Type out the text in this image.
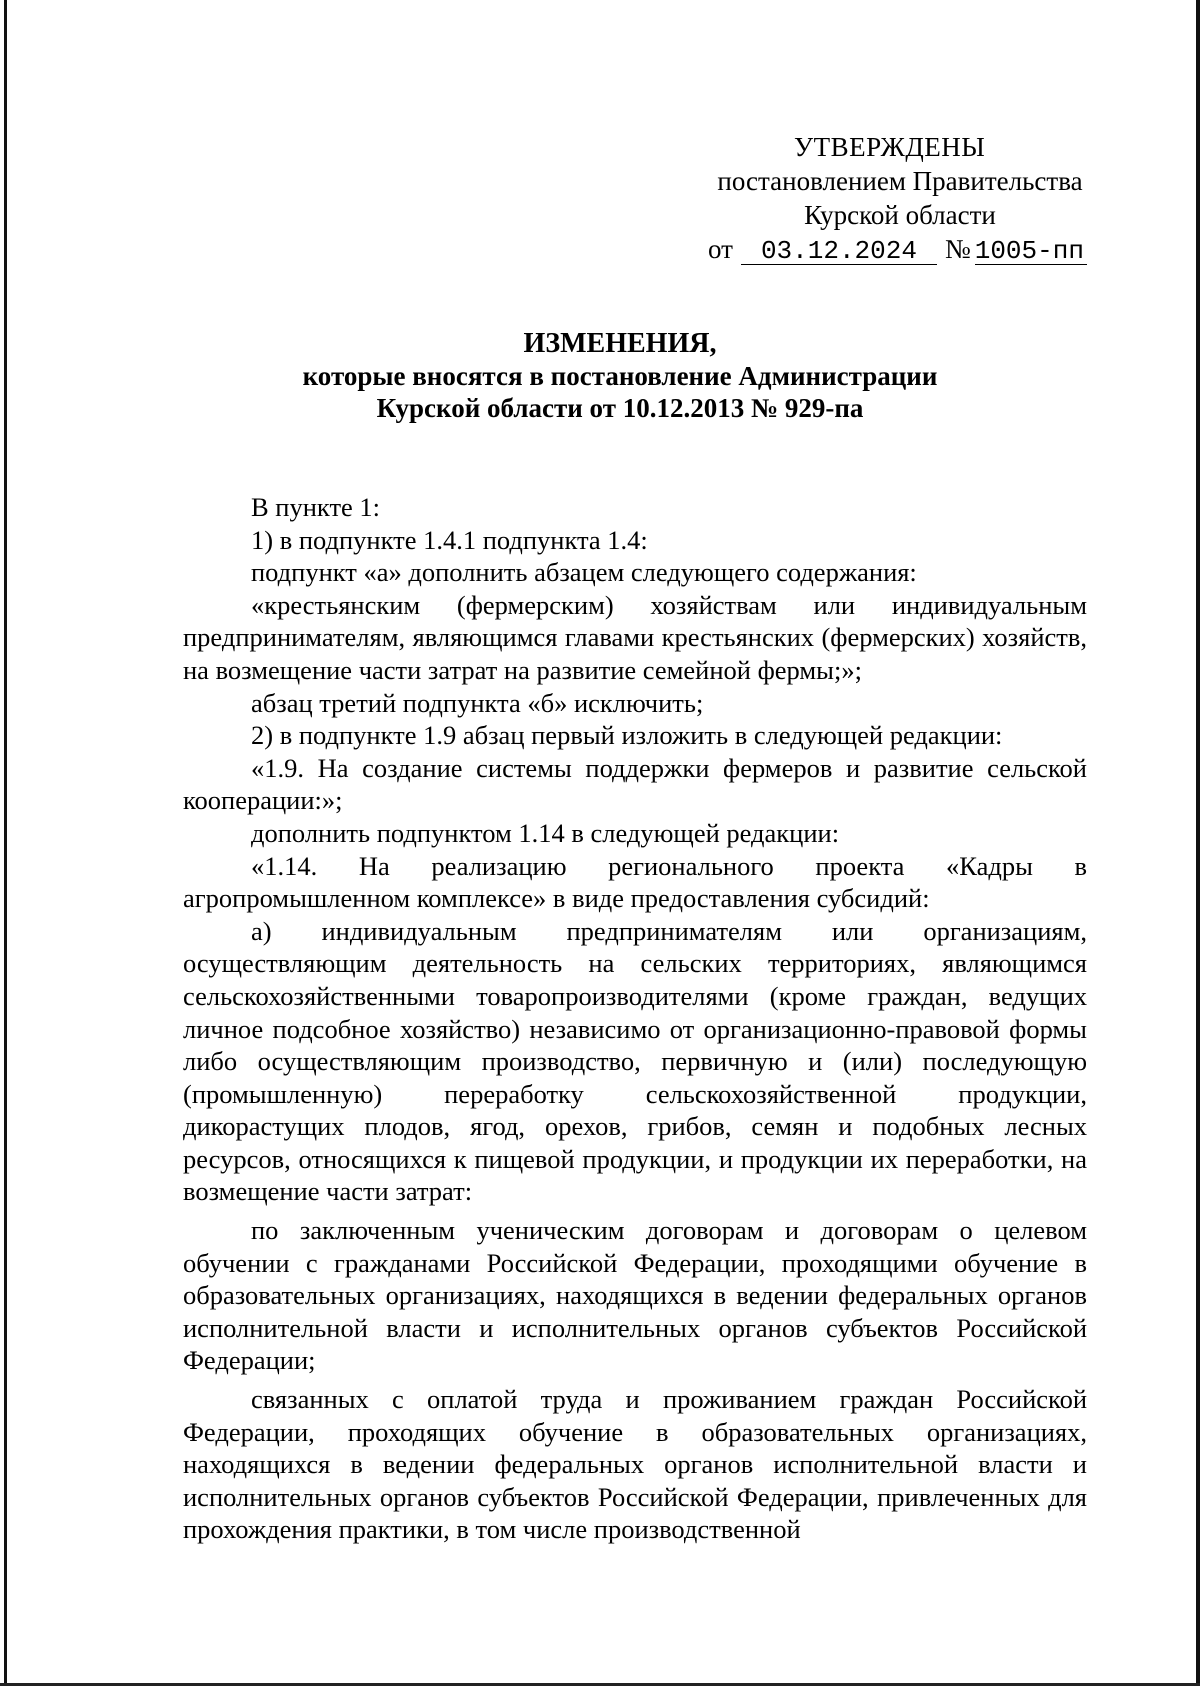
УТВЕРЖДЕНЫ
постановлением Правительства
Курской области
от 03.12.2024 № 1005-пп
ИЗМЕНЕНИЯ,
которые вносятся в постановление Администрации
Курской области от 10.12.2013 № 929-па

В пункте 1:

1) в подпункте 1.4.1 подпункта 1.4:

подпункт «а» дополнить абзацем следующего содержания:

«крестьянским (фермерским) хозяйствам или индивидуальным предпринимателям, являющимся главами крестьянских (фермерских) хозяйств, на возмещение части затрат на развитие семейной фермы;»;

абзац третий подпункта «б» исключить;

2) в подпункте 1.9 абзац первый изложить в следующей редакции:

«1.9. На создание системы поддержки фермеров и развитие сельской кооперации:»;

дополнить подпунктом 1.14 в следующей редакции:

«1.14. На реализацию регионального проекта «Кадры в агропромышленном комплексе» в виде предоставления субсидий:

а) индивидуальным предпринимателям или организациям, осуществляющим деятельность на сельских территориях, являющимся сельскохозяйственными товаропроизводителями (кроме граждан, ведущих личное подсобное хозяйство) независимо от организационно-правовой формы либо осуществляющим производство, первичную и (или) последующую (промышленную) переработку сельскохозяйственной продукции, дикорастущих плодов, ягод, орехов, грибов, семян и подобных лесных ресурсов, относящихся к пищевой продукции, и продукции их переработки, на возмещение части затрат:

по заключенным ученическим договорам и договорам о целевом обучении с гражданами Российской Федерации, проходящими обучение в образовательных организациях, находящихся в ведении федеральных органов исполнительной власти и исполнительных органов субъектов Российской Федерации;

связанных с оплатой труда и проживанием граждан Российской Федерации, проходящих обучение в образовательных организациях, находящихся в ведении федеральных органов исполнительной власти и исполнительных органов субъектов Российской Федерации, привлеченных для прохождения практики, в том числе производственной
